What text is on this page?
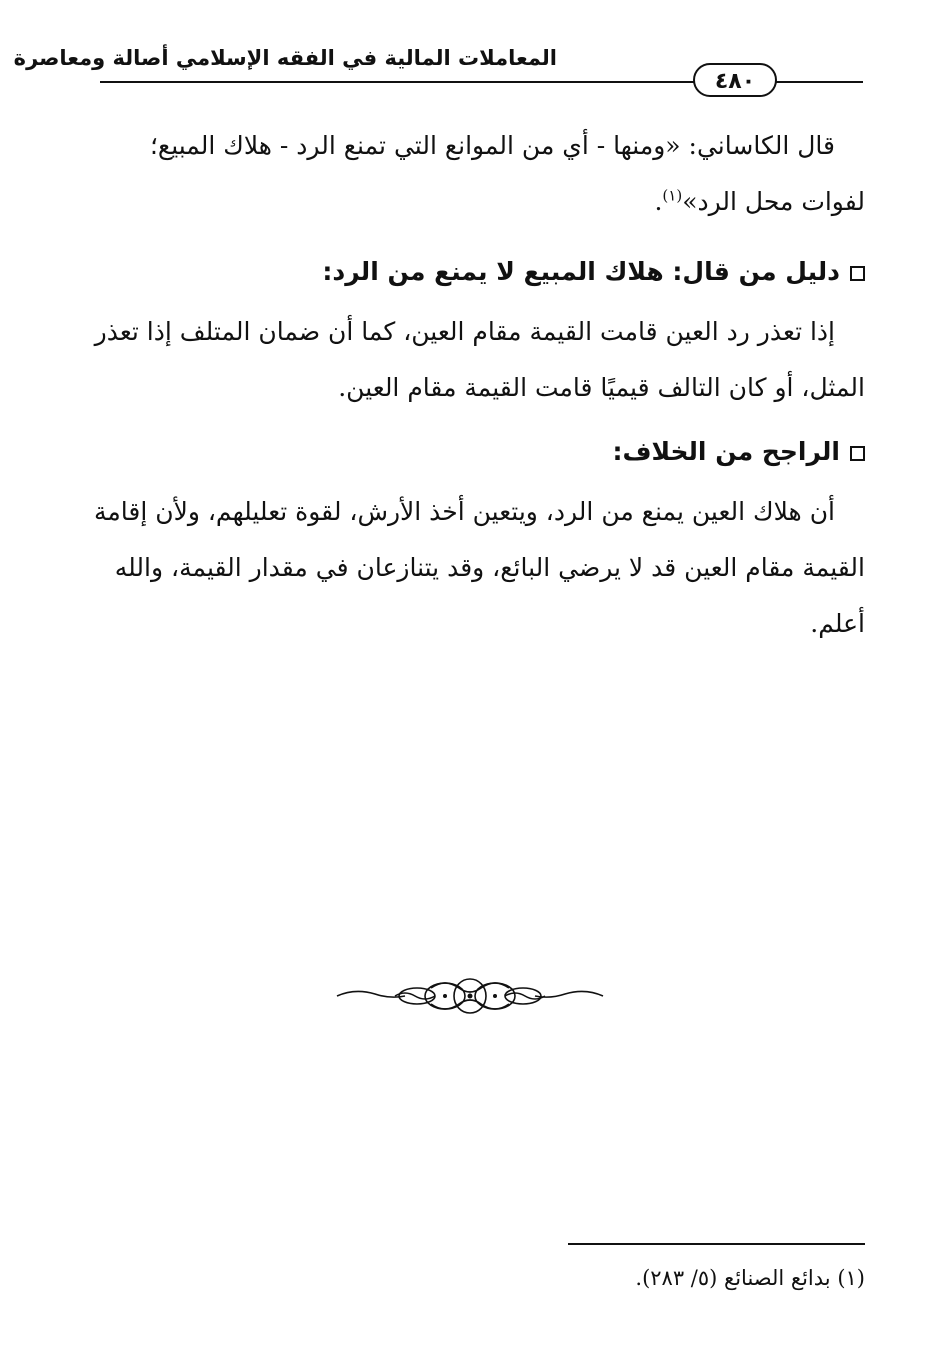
المعاملات المالية في الفقه الإسلامي أصالة ومعاصرة
٤٨٠
قال الكاساني: «ومنها - أي من الموانع التي تمنع الرد - هلاك المبيع؛
لفوات محل الرد»$^{(١)}$.
دليل من قال: هلاك المبيع لا يمنع من الرد:
إذا تعذر رد العين قامت القيمة مقام العين، كما أن ضمان المتلف إذا تعذر
المثل، أو كان التالف قيميًا قامت القيمة مقام العين.
الراجح من الخلاف:
أن هلاك العين يمنع من الرد، ويتعين أخذ الأرش، لقوة تعليلهم، ولأن إقامة
القيمة مقام العين قد لا يرضي البائع، وقد يتنازعان في مقدار القيمة، والله
أعلم.
(١) بدائع الصنائع (٥/ ٢٨٣).
